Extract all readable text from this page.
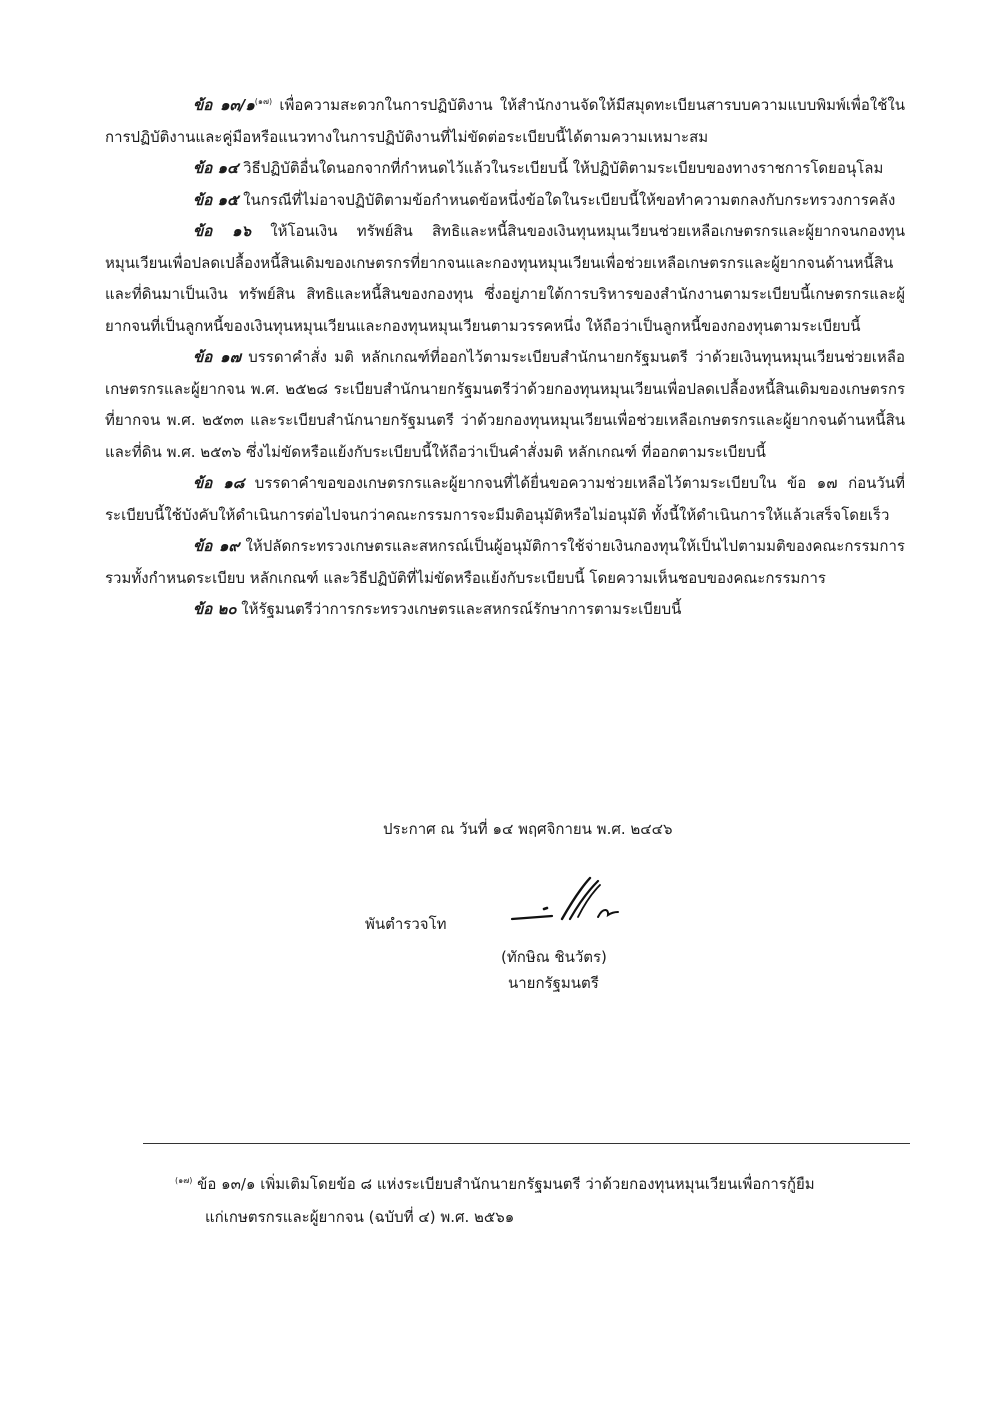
ข้อ ๑๓/๑$^{(๑๗)}$ เพื่อความสะดวกในการปฏิบัติงาน ให้สำนักงานจัดให้มีสมุดทะเบียนสารบบความแบบพิมพ์เพื่อใช้ในการปฏิบัติงานและคู่มือหรือแนวทางในการปฏิบัติงานที่ไม่ขัดต่อระเบียบนี้ได้ตามความเหมาะสม

ข้อ ๑๔ วิธีปฏิบัติอื่นใดนอกจากที่กำหนดไว้แล้วในระเบียบนี้ ให้ปฏิบัติตามระเบียบของทางราชการโดยอนุโลม

ข้อ ๑๕ ในกรณีที่ไม่อาจปฏิบัติตามข้อกำหนดข้อหนึ่งข้อใดในระเบียบนี้ให้ขอทำความตกลงกับกระทรวงการคลัง

ข้อ ๑๖ ให้โอนเงิน ทรัพย์สิน สิทธิและหนี้สินของเงินทุนหมุนเวียนช่วยเหลือเกษตรกรและผู้ยากจนกองทุนหมุนเวียนเพื่อปลดเปลื้องหนี้สินเดิมของเกษตรกรที่ยากจนและกองทุนหมุนเวียนเพื่อช่วยเหลือเกษตรกรและผู้ยากจนด้านหนี้สินและที่ดินมาเป็นเงิน ทรัพย์สิน สิทธิและหนี้สินของกองทุน ซึ่งอยู่ภายใต้การบริหารของสำนักงานตามระเบียบนี้เกษตรกรและผู้ยากจนที่เป็นลูกหนี้ของเงินทุนหมุนเวียนและกองทุนหมุนเวียนตามวรรคหนึ่ง ให้ถือว่าเป็นลูกหนี้ของกองทุนตามระเบียบนี้

ข้อ ๑๗ บรรดาคำสั่ง มติ หลักเกณฑ์ที่ออกไว้ตามระเบียบสำนักนายกรัฐมนตรี ว่าด้วยเงินทุนหมุนเวียนช่วยเหลือเกษตรกรและผู้ยากจน พ.ศ. ๒๕๒๘ ระเบียบสำนักนายกรัฐมนตรีว่าด้วยกองทุนหมุนเวียนเพื่อปลดเปลื้องหนี้สินเดิมของเกษตรกรที่ยากจน พ.ศ. ๒๕๓๓ และระเบียบสำนักนายกรัฐมนตรี ว่าด้วยกองทุนหมุนเวียนเพื่อช่วยเหลือเกษตรกรและผู้ยากจนด้านหนี้สินและที่ดิน พ.ศ. ๒๕๓๖ ซึ่งไม่ขัดหรือแย้งกับระเบียบนี้ให้ถือว่าเป็นคำสั่งมติ หลักเกณฑ์ ที่ออกตามระเบียบนี้

ข้อ ๑๘ บรรดาคำขอของเกษตรกรและผู้ยากจนที่ได้ยื่นขอความช่วยเหลือไว้ตามระเบียบใน ข้อ ๑๗ ก่อนวันที่ระเบียบนี้ใช้บังคับให้ดำเนินการต่อไปจนกว่าคณะกรรมการจะมีมติอนุมัติหรือไม่อนุมัติ ทั้งนี้ให้ดำเนินการให้แล้วเสร็จโดยเร็ว

ข้อ ๑๙ ให้ปลัดกระทรวงเกษตรและสหกรณ์เป็นผู้อนุมัติการใช้จ่ายเงินกองทุนให้เป็นไปตามมติของคณะกรรมการ รวมทั้งกำหนดระเบียบ หลักเกณฑ์ และวิธีปฏิบัติที่ไม่ขัดหรือแย้งกับระเบียบนี้ โดยความเห็นชอบของคณะกรรมการ

ข้อ ๒๐ ให้รัฐมนตรีว่าการกระทรวงเกษตรและสหกรณ์รักษาการตามระเบียบนี้

ประกาศ ณ วันที่ ๑๔ พฤศจิกายน พ.ศ. ๒๔๔๖
พันตำรวจโท
(ทักษิณ ชินวัตร)
นายกรัฐมนตรี
$^{(๑๗)}$ ข้อ ๑๓/๑ เพิ่มเติมโดยข้อ ๘ แห่งระเบียบสำนักนายกรัฐมนตรี ว่าด้วยกองทุนหมุนเวียนเพื่อการกู้ยืม
แก่เกษตรกรและผู้ยากจน (ฉบับที่ ๔) พ.ศ. ๒๕๖๑
